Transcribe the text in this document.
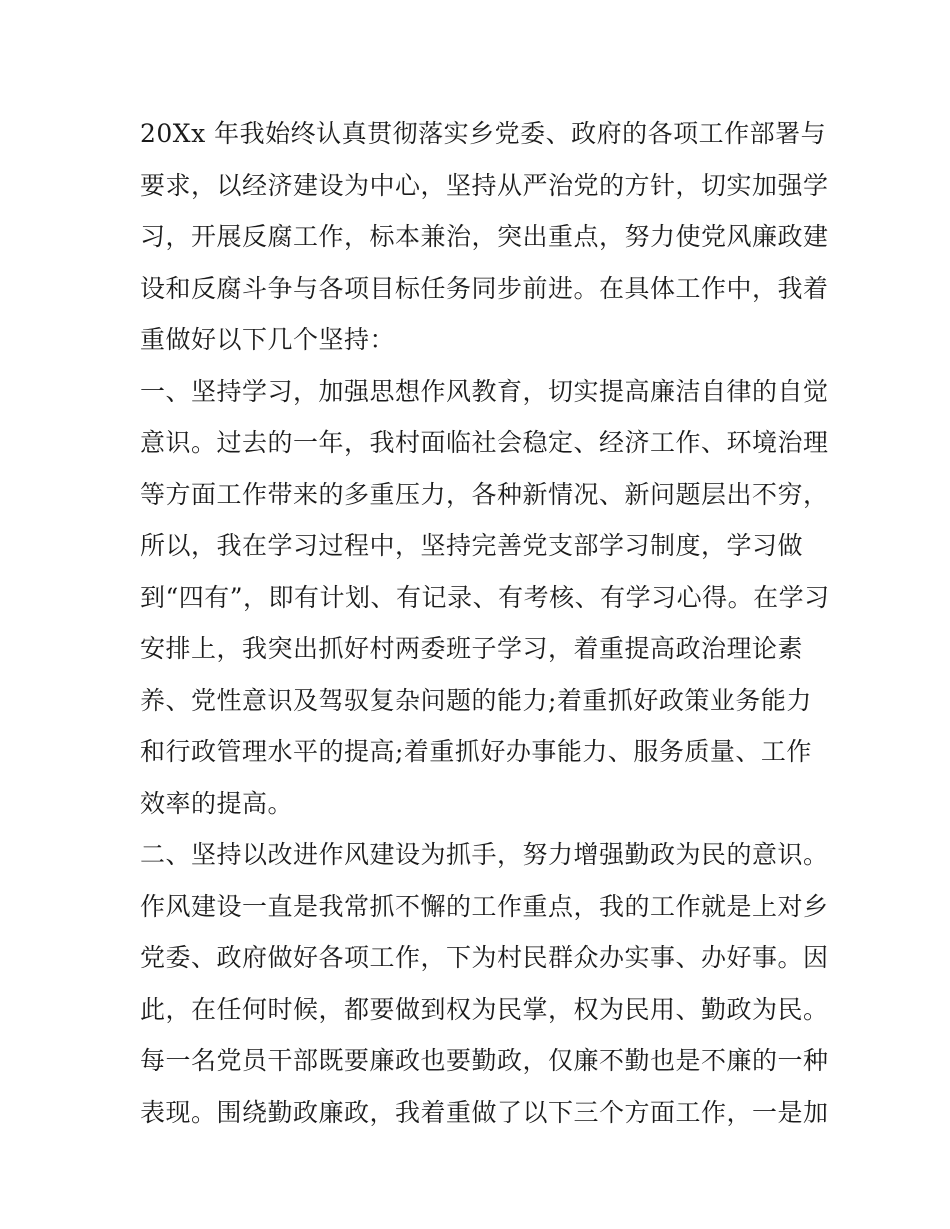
20Xx 年我始终认真贯彻落实乡党委、政府的各项工作部署与
要求，以经济建设为中心，坚持从严治党的方针，切实加强学
习，开展反腐工作，标本兼治，突出重点，努力使党风廉政建
设和反腐斗争与各项目标任务同步前进。在具体工作中，我着
重做好以下几个坚持：
一、坚持学习，加强思想作风教育，切实提高廉洁自律的自觉
意识。过去的一年，我村面临社会稳定、经济工作、环境治理
等方面工作带来的多重压力，各种新情况、新问题层出不穷，
所以，我在学习过程中，坚持完善党支部学习制度，学习做
到“四有”，即有计划、有记录、有考核、有学习心得。在学习
安排上，我突出抓好村两委班子学习，着重提高政治理论素
养、党性意识及驾驭复杂问题的能力;着重抓好政策业务能力
和行政管理水平的提高;着重抓好办事能力、服务质量、工作
效率的提高。
二、坚持以改进作风建设为抓手，努力增强勤政为民的意识。
作风建设一直是我常抓不懈的工作重点，我的工作就是上对乡
党委、政府做好各项工作，下为村民群众办实事、办好事。因
此，在任何时候，都要做到权为民掌，权为民用、勤政为民。
每一名党员干部既要廉政也要勤政，仅廉不勤也是不廉的一种
表现。围绕勤政廉政，我着重做了以下三个方面工作，一是加
